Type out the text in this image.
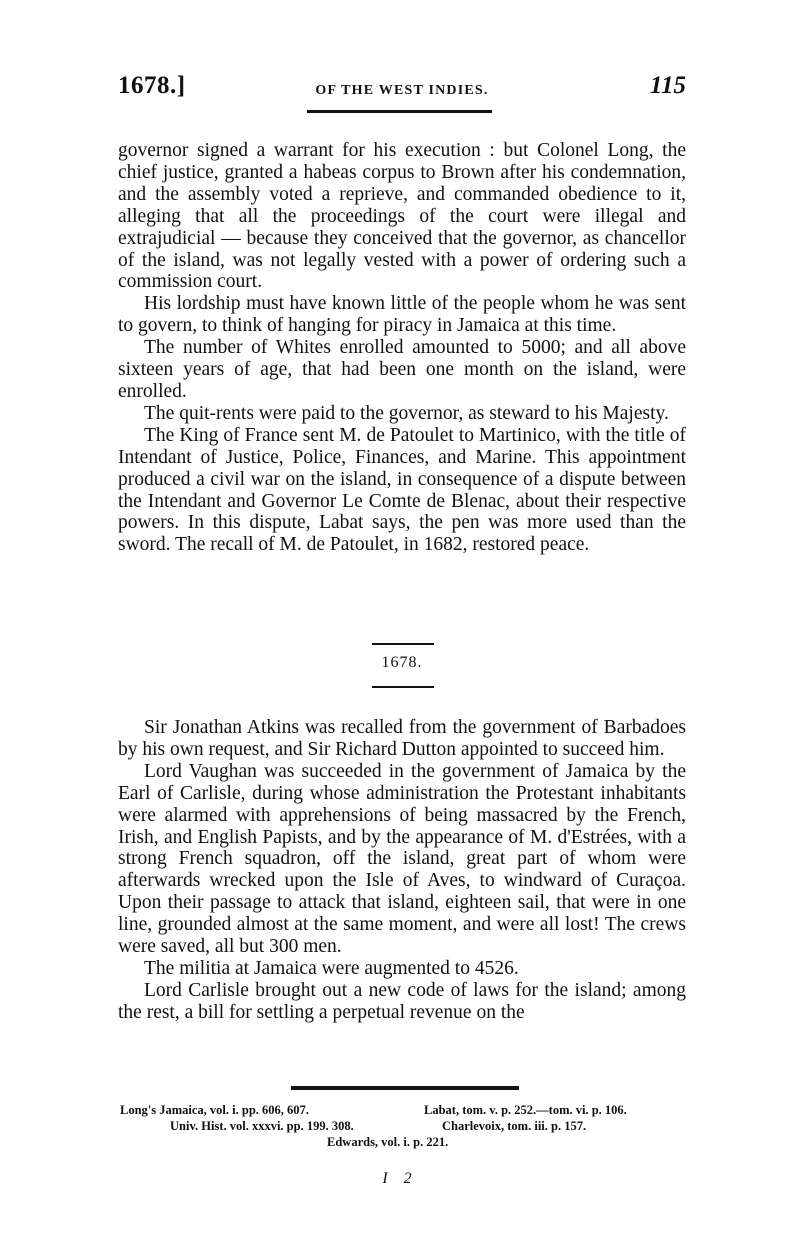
1678.]	OF THE WEST INDIES.	115

governor signed a warrant for his execution : but Colonel Long, the chief justice, granted a habeas corpus to Brown after his condemnation, and the assembly voted a reprieve, and commanded obedience to it, alleging that all the proceedings of the court were illegal and extrajudicial — because they conceived that the governor, as chancellor of the island, was not legally vested with a power of ordering such a commission court.

His lordship must have known little of the people whom he was sent to govern, to think of hanging for piracy in Jamaica at this time.

The number of Whites enrolled amounted to 5000; and all above sixteen years of age, that had been one month on the island, were enrolled.

The quit-rents were paid to the governor, as steward to his Majesty.

The King of France sent M. de Patoulet to Martinico, with the title of Intendant of Justice, Police, Finances, and Marine. This appointment produced a civil war on the island, in consequence of a dispute between the Intendant and Governor Le Comte de Blenac, about their respective powers. In this dispute, Labat says, the pen was more used than the sword. The recall of M. de Patoulet, in 1682, restored peace.

1678.

Sir Jonathan Atkins was recalled from the government of Barbadoes by his own request, and Sir Richard Dutton appointed to succeed him.

Lord Vaughan was succeeded in the government of Jamaica by the Earl of Carlisle, during whose administration the Protestant inhabitants were alarmed with apprehensions of being massacred by the French, Irish, and English Papists, and by the appearance of M. d'Estrées, with a strong French squadron, off the island, great part of whom were afterwards wrecked upon the Isle of Aves, to windward of Curaçoa. Upon their passage to attack that island, eighteen sail, that were in one line, grounded almost at the same moment, and were all lost! The crews were saved, all but 300 men.

The militia at Jamaica were augmented to 4526.

Lord Carlisle brought out a new code of laws for the island; among the rest, a bill for settling a perpetual revenue on the

Long's Jamaica, vol. i. pp. 606, 607.	Labat, tom. v. p. 252.—tom. vi. p. 106.
Univ. Hist. vol. xxxvi. pp. 199. 308.	Charlevoix, tom. iii. p. 157.
Edwards, vol. i. p. 221.
I 2
